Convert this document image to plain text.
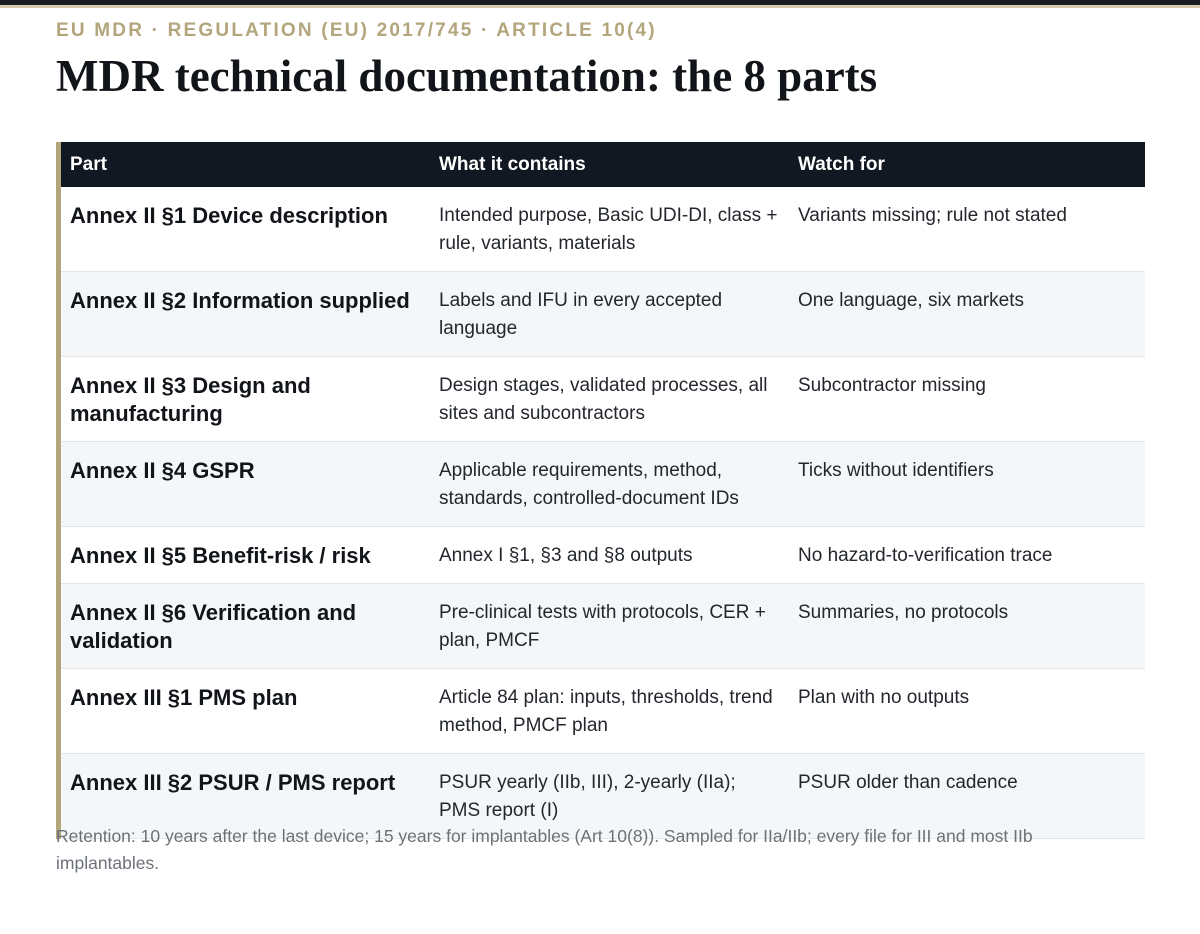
EU MDR · REGULATION (EU) 2017/745 · ARTICLE 10(4)
MDR technical documentation: the 8 parts
Part	What it contains	Watch for
Annex II §1 Device description	Intended purpose, Basic UDI-DI, class + rule, variants, materials	Variants missing; rule not stated
Annex II §2 Information supplied	Labels and IFU in every accepted language	One language, six markets
Annex II §3 Design and manufacturing	Design stages, validated processes, all sites and subcontractors	Subcontractor missing
Annex II §4 GSPR	Applicable requirements, method, standards, controlled-document IDs	Ticks without identifiers
Annex II §5 Benefit-risk / risk	Annex I §1, §3 and §8 outputs	No hazard-to-verification trace
Annex II §6 Verification and validation	Pre-clinical tests with protocols, CER + plan, PMCF	Summaries, no protocols
Annex III §1 PMS plan	Article 84 plan: inputs, thresholds, trend method, PMCF plan	Plan with no outputs
Annex III §2 PSUR / PMS report	PSUR yearly (IIb, III), 2-yearly (IIa); PMS report (I)	PSUR older than cadence
Retention: 10 years after the last device; 15 years for implantables (Art 10(8)). Sampled for IIa/IIb; every file for III and most IIb implantables.
